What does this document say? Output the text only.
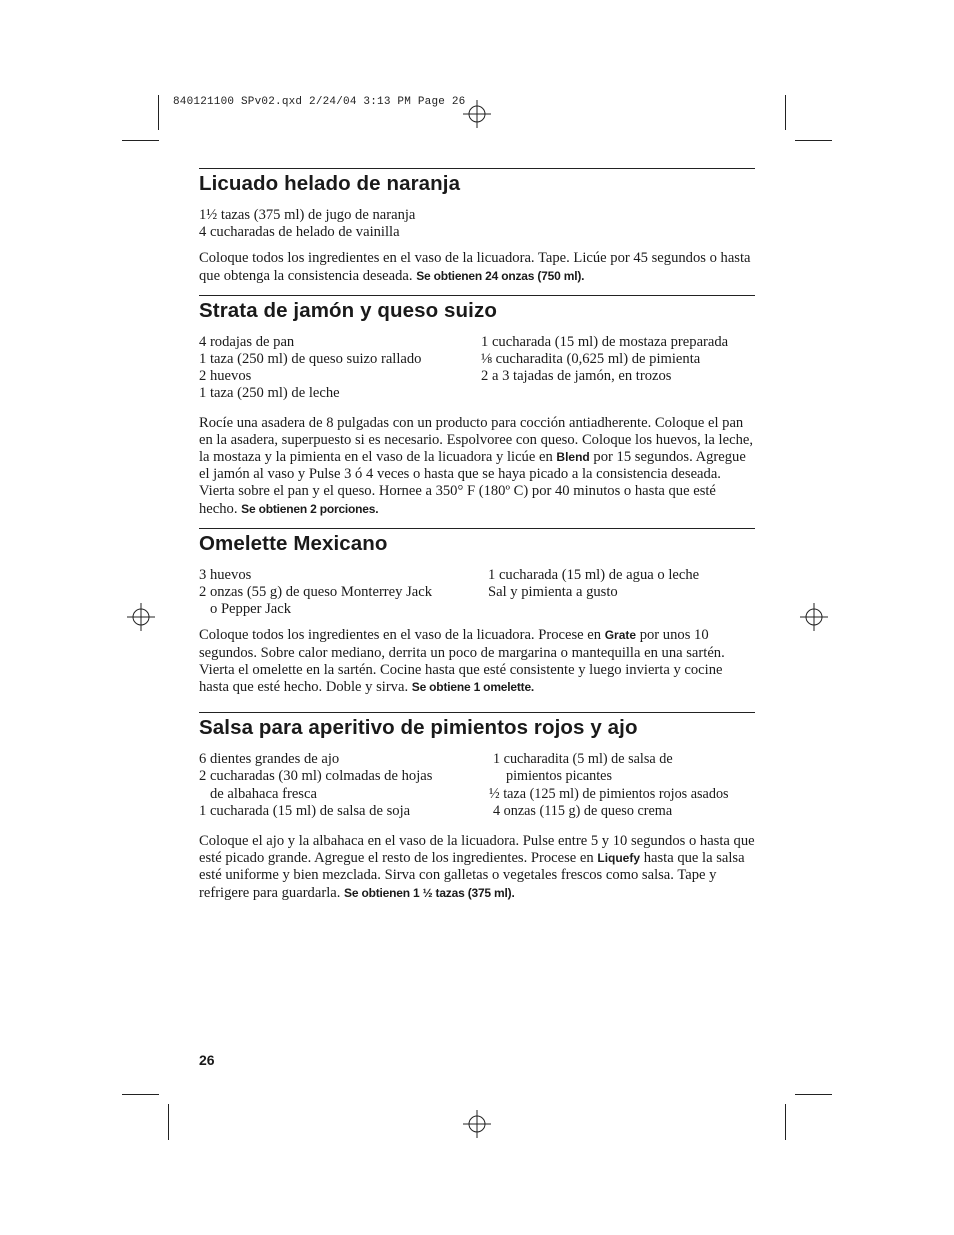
840121100 SPv02.qxd 2/24/04 3:13 PM Page 26
Licuado helado de naranja
1½ tazas (375 ml) de jugo de naranja
4 cucharadas de helado de vainilla
Coloque todos los ingredientes en el vaso de la licuadora. Tape. Licúe por 45 segundos o hasta que obtenga la consistencia deseada. Se obtienen 24 onzas (750 ml).
Strata de jamón y queso suizo
4 rodajas de pan
1 taza (250 ml) de queso suizo rallado
2 huevos
1 taza (250 ml) de leche
1 cucharada (15 ml) de mostaza preparada
⅛ cucharadita (0,625 ml) de pimienta
2 a 3 tajadas de jamón, en trozos
Rocíe una asadera de 8 pulgadas con un producto para cocción antiadherente. Coloque el pan en la asadera, superpuesto si es necesario. Espolvoree con queso. Coloque los huevos, la leche, la mostaza y la pimienta en el vaso de la licuadora y licúe en Blend por 15 segundos. Agregue el jamón al vaso y Pulse 3 ó 4 veces o hasta que se haya picado a la consistencia deseada. Vierta sobre el pan y el queso. Hornee a 350° F (180º C) por 40 minutos o hasta que esté hecho. Se obtienen 2 porciones.
Omelette Mexicano
3 huevos
2 onzas (55 g) de queso Monterrey Jack
o Pepper Jack
1 cucharada (15 ml) de agua o leche
Sal y pimienta a gusto
Coloque todos los ingredientes en el vaso de la licuadora. Procese en Grate por unos 10 segundos. Sobre calor mediano, derrita un poco de margarina o mantequilla en una sartén. Vierta el omelette en la sartén. Cocine hasta que esté consistente y luego invierta y cocine hasta que esté hecho. Doble y sirva. Se obtiene 1 omelette.
Salsa para aperitivo de pimientos rojos y ajo
6 dientes grandes de ajo
2 cucharadas (30 ml) colmadas de hojas
de albahaca fresca
1 cucharada (15 ml) de salsa de soja
1 cucharadita (5 ml) de salsa de
pimientos picantes
½ taza (125 ml) de pimientos rojos asados
4 onzas (115 g) de queso crema
Coloque el ajo y la albahaca en el vaso de la licuadora. Pulse entre 5 y 10 segundos o hasta que esté picado grande. Agregue el resto de los ingredientes. Procese en Liquefy hasta que la salsa esté uniforme y bien mezclada. Sirva con galletas o vegetales frescos como salsa. Tape y refrigere para guardarla. Se obtienen 1 ½ tazas (375 ml).
26
